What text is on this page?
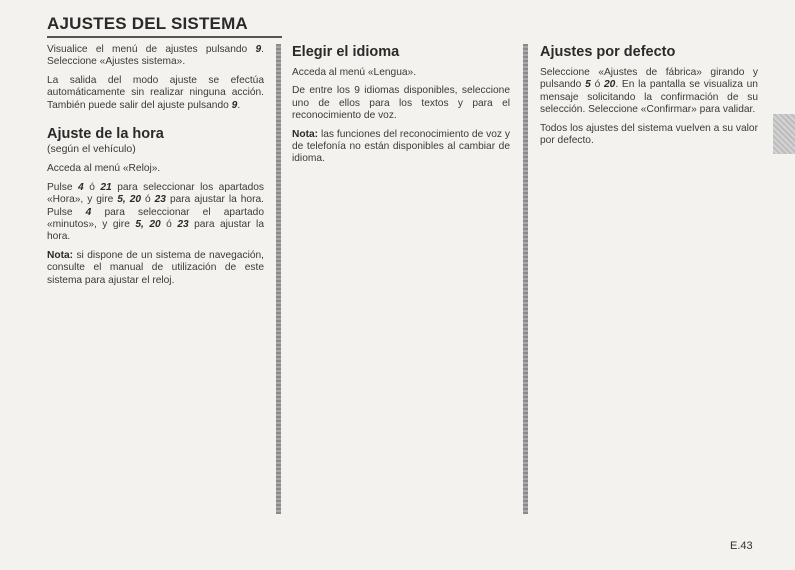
AJUSTES DEL SISTEMA

Visualice el menú de ajustes pulsando 9. Seleccione «Ajustes sistema».

La salida del modo ajuste se efectúa automáticamente sin realizar ninguna acción. También puede salir del ajuste pulsando 9.

Ajuste de la hora
(según el vehículo)

Acceda al menú «Reloj».

Pulse 4 ó 21 para seleccionar los apartados «Hora», y gire 5, 20 ó 23 para ajustar la hora. Pulse 4 para seleccionar el apartado «minutos», y gire 5, 20 ó 23 para ajustar la hora.

Nota: si dispone de un sistema de navegación, consulte el manual de utilización de este sistema para ajustar el reloj.

Elegir el idioma

Acceda al menú «Lengua».

De entre los 9 idiomas disponibles, seleccione uno de ellos para los textos y para el reconocimiento de voz.

Nota: las funciones del reconocimiento de voz y de telefonía no están disponibles al cambiar de idioma.

Ajustes por defecto

Seleccione «Ajustes de fábrica» girando y pulsando 5 ó 20. En la pantalla se visualiza un mensaje solicitando la confirmación de su selección. Seleccione «Confirmar» para validar.

Todos los ajustes del sistema vuelven a su valor por defecto.

E.43
